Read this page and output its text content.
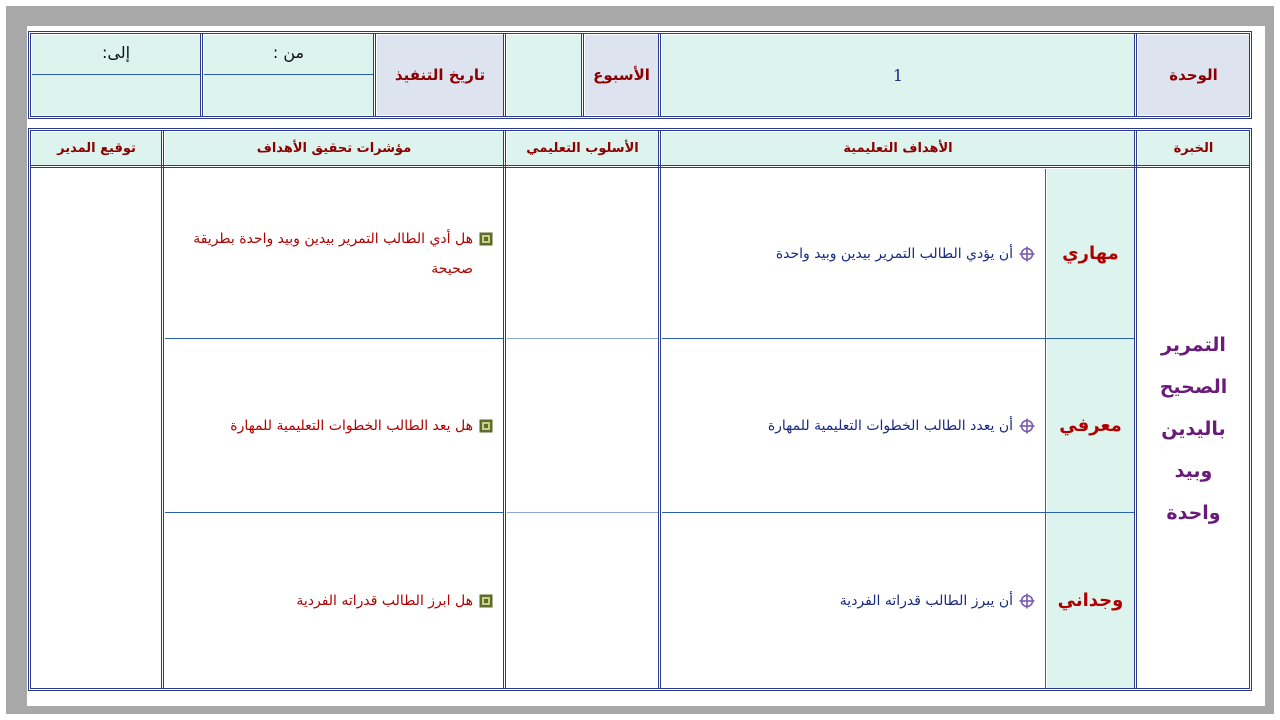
الوحدة
1
الأسبوع
تاريخ التنفيذ
من :
إلى:
الخبرة
الأهداف التعليمية
الأسلوب التعليمي
مؤشرات تحقيق الأهداف
توقيع المدير
التمرير
الصحيح
باليدين
وبيد
واحدة
مهاري
أن يؤدي الطالب التمرير بيدين وبيد واحدة
هل أدي الطالب التمرير بيدين وبيد واحدة بطريقة صحيحة
معرفي
أن يعدد الطالب الخطوات التعليمية للمهارة
هل يعد الطالب الخطوات التعليمية للمهارة
وجداني
أن يبرز الطالب قدراته الفردية
هل ابرز الطالب قدراته الفردية
